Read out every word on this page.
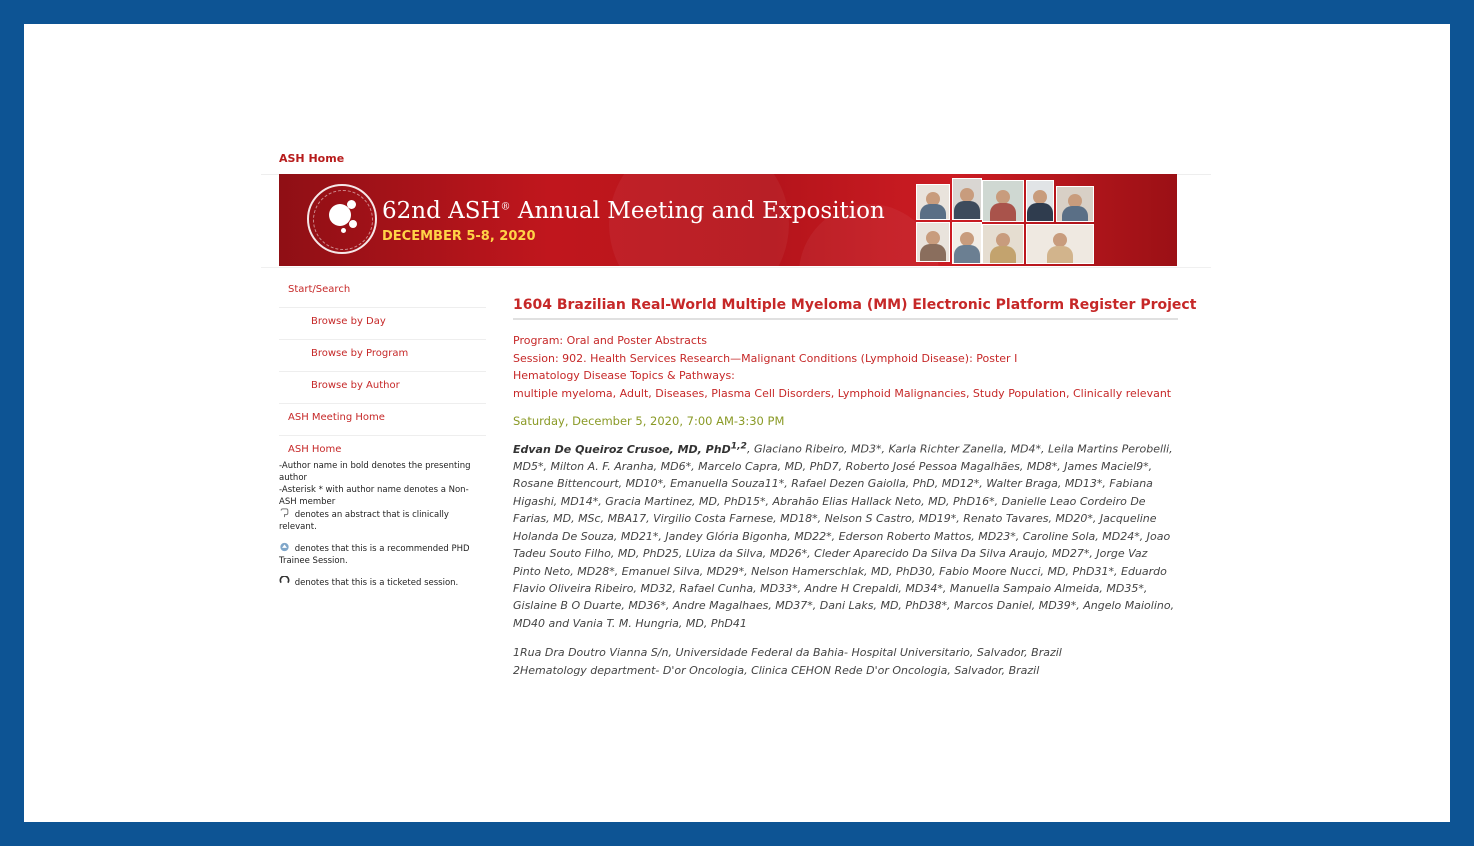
ASH Home
62nd ASH® Annual Meeting and Exposition
DECEMBER 5-8, 2020
Start/Search
Browse by Day
Browse by Program
Browse by Author
ASH Meeting Home
ASH Home

-Author name in bold denotes the presenting author
-Asterisk * with author name denotes a Non-ASH member
denotes an abstract that is clinically relevant.

denotes that this is a recommended PHD Trainee Session.

denotes that this is a ticketed session.

1604 Brazilian Real-World Multiple Myeloma (MM) Electronic Platform Register Project
Program: Oral and Poster Abstracts
Session: 902. Health Services Research—Malignant Conditions (Lymphoid Disease): Poster I
Hematology Disease Topics & Pathways:
multiple myeloma, Adult, Diseases, Plasma Cell Disorders, Lymphoid Malignancies, Study Population, Clinically relevant
Saturday, December 5, 2020, 7:00 AM-3:30 PM
Edvan De Queiroz Crusoe, MD, PhD$^{1,2}$, Glaciano Ribeiro, MD3*, Karla Richter Zanella, MD4*, Leila Martins Perobelli, MD5*, Milton A. F. Aranha, MD6*, Marcelo Capra, MD, PhD7, Roberto José Pessoa Magalhães, MD8*, James Maciel9*, Rosane Bittencourt, MD10*, Emanuella Souza11*, Rafael Dezen Gaiolla, PhD, MD12*, Walter Braga, MD13*, Fabiana Higashi, MD14*, Gracia Martinez, MD, PhD15*, Abrahão Elias Hallack Neto, MD, PhD16*, Danielle Leao Cordeiro De Farias, MD, MSc, MBA17, Virgilio Costa Farnese, MD18*, Nelson S Castro, MD19*, Renato Tavares, MD20*, Jacqueline Holanda De Souza, MD21*, Jandey Glória Bigonha, MD22*, Ederson Roberto Mattos, MD23*, Caroline Sola, MD24*, Joao Tadeu Souto Filho, MD, PhD25, LUiza da Silva, MD26*, Cleder Aparecido Da Silva Da Silva Araujo, MD27*, Jorge Vaz Pinto Neto, MD28*, Emanuel Silva, MD29*, Nelson Hamerschlak, MD, PhD30, Fabio Moore Nucci, MD, PhD31*, Eduardo Flavio Oliveira Ribeiro, MD32, Rafael Cunha, MD33*, Andre H Crepaldi, MD34*, Manuella Sampaio Almeida, MD35*, Gislaine B O Duarte, MD36*, Andre Magalhaes, MD37*, Dani Laks, MD, PhD38*, Marcos Daniel, MD39*, Angelo Maiolino, MD40 and Vania T. M. Hungria, MD, PhD41
1Rua Dra Doutro Vianna S/n, Universidade Federal da Bahia- Hospital Universitario, Salvador, Brazil
2Hematology department- D'or Oncologia, Clinica CEHON Rede D'or Oncologia, Salvador, Brazil
